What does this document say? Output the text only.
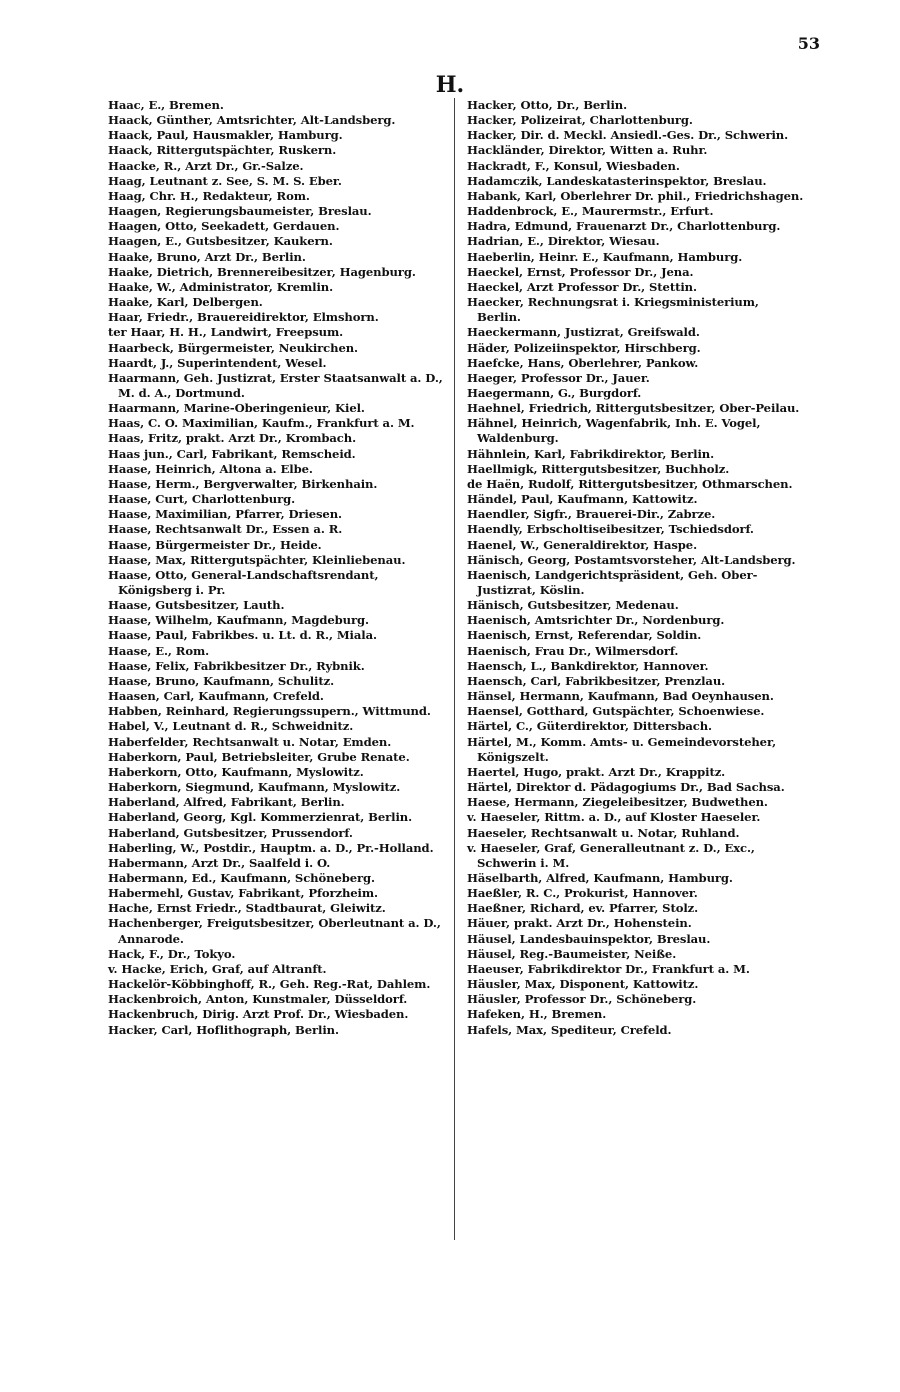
53
H.
Haac, E., Bremen.
Haack, Günther, Amtsrichter, Alt-Landsberg.
Haack, Paul, Hausmakler, Hamburg.
Haack, Rittergutspächter, Ruskern.
Haacke, R., Arzt Dr., Gr.-Salze.
Haag, Leutnant z. See, S. M. S. Eber.
Haag, Chr. H., Redakteur, Rom.
Haagen, Regierungsbaumeister, Breslau.
Haagen, Otto, Seekadett, Gerdauen.
Haagen, E., Gutsbesitzer, Kaukern.
Haake, Bruno, Arzt Dr., Berlin.
Haake, Dietrich, Brennereibesitzer, Hagenburg.
Haake, W., Administrator, Kremlin.
Haake, Karl, Delbergen.
Haar, Friedr., Brauereidirektor, Elmshorn.
ter Haar, H. H., Landwirt, Freepsum.
Haarbeck, Bürgermeister, Neukirchen.
Haardt, J., Superintendent, Wesel.
Haarmann, Geh. Justizrat, Erster Staatsanwalt a. D., M. d. A., Dortmund.
Haarmann, Marine-Oberingenieur, Kiel.
Haas, C. O. Maximilian, Kaufm., Frankfurt a. M.
Haas, Fritz, prakt. Arzt Dr., Krombach.
Haas jun., Carl, Fabrikant, Remscheid.
Haase, Heinrich, Altona a. Elbe.
Haase, Herm., Bergverwalter, Birkenhain.
Haase, Curt, Charlottenburg.
Haase, Maximilian, Pfarrer, Driesen.
Haase, Rechtsanwalt Dr., Essen a. R.
Haase, Bürgermeister Dr., Heide.
Haase, Max, Rittergutspächter, Kleinliebenau.
Haase, Otto, General-Landschaftsrendant, Königsberg i. Pr.
Haase, Gutsbesitzer, Lauth.
Haase, Wilhelm, Kaufmann, Magdeburg.
Haase, Paul, Fabrikbes. u. Lt. d. R., Miala.
Haase, E., Rom.
Haase, Felix, Fabrikbesitzer Dr., Rybnik.
Haase, Bruno, Kaufmann, Schulitz.
Haasen, Carl, Kaufmann, Crefeld.
Habben, Reinhard, Regierungssupern., Wittmund.
Habel, V., Leutnant d. R., Schweidnitz.
Haberfelder, Rechtsanwalt u. Notar, Emden.
Haberkorn, Paul, Betriebsleiter, Grube Renate.
Haberkorn, Otto, Kaufmann, Myslowitz.
Haberkorn, Siegmund, Kaufmann, Myslowitz.
Haberland, Alfred, Fabrikant, Berlin.
Haberland, Georg, Kgl. Kommerzienrat, Berlin.
Haberland, Gutsbesitzer, Prussendorf.
Haberling, W., Postdir., Hauptm. a. D., Pr.-Holland.
Habermann, Arzt Dr., Saalfeld i. O.
Habermann, Ed., Kaufmann, Schöneberg.
Habermehl, Gustav, Fabrikant, Pforzheim.
Hache, Ernst Friedr., Stadtbaurat, Gleiwitz.
Hachenberger, Freigutsbesitzer, Oberleutnant a. D., Annarode.
Hack, F., Dr., Tokyo.
v. Hacke, Erich, Graf, auf Altranft.
Hackelör-Köbbinghoff, R., Geh. Reg.-Rat, Dahlem.
Hackenbroich, Anton, Kunstmaler, Düsseldorf.
Hackenbruch, Dirig. Arzt Prof. Dr., Wiesbaden.
Hacker, Carl, Hoflithograph, Berlin.
Hacker, Otto, Dr., Berlin.
Hacker, Polizeirat, Charlottenburg.
Hacker, Dir. d. Meckl. Ansiedl.-Ges. Dr., Schwerin.
Hackländer, Direktor, Witten a. Ruhr.
Hackradt, F., Konsul, Wiesbaden.
Hadamczik, Landeskatasterinspektor, Breslau.
Habank, Karl, Oberlehrer Dr. phil., Friedrichshagen.
Haddenbrock, E., Maurermstr., Erfurt.
Hadra, Edmund, Frauenarzt Dr., Charlottenburg.
Hadrian, E., Direktor, Wiesau.
Haeberlin, Heinr. E., Kaufmann, Hamburg.
Haeckel, Ernst, Professor Dr., Jena.
Haeckel, Arzt Professor Dr., Stettin.
Haecker, Rechnungsrat i. Kriegsministerium, Berlin.
Haeckermann, Justizrat, Greifswald.
Häder, Polizeiinspektor, Hirschberg.
Haefcke, Hans, Oberlehrer, Pankow.
Haeger, Professor Dr., Jauer.
Haegermann, G., Burgdorf.
Haehnel, Friedrich, Rittergutsbesitzer, Ober-Peilau.
Hähnel, Heinrich, Wagenfabrik, Inh. E. Vogel, Waldenburg.
Hähnlein, Karl, Fabrikdirektor, Berlin.
Haellmigk, Rittergutsbesitzer, Buchholz.
de Haën, Rudolf, Rittergutsbesitzer, Othmarschen.
Händel, Paul, Kaufmann, Kattowitz.
Haendler, Sigfr., Brauerei-Dir., Zabrze.
Haendly, Erbscholtiseibesitzer, Tschiedsdorf.
Haenel, W., Generaldirektor, Haspe.
Hänisch, Georg, Postamtsvorsteher, Alt-Landsberg.
Haenisch, Landgerichtspräsident, Geh. Ober-Justizrat, Köslin.
Hänisch, Gutsbesitzer, Medenau.
Haenisch, Amtsrichter Dr., Nordenburg.
Haenisch, Ernst, Referendar, Soldin.
Haenisch, Frau Dr., Wilmersdorf.
Haensch, L., Bankdirektor, Hannover.
Haensch, Carl, Fabrikbesitzer, Prenzlau.
Hänsel, Hermann, Kaufmann, Bad Oeynhausen.
Haensel, Gotthard, Gutspächter, Schoenwiese.
Härtel, C., Güterdirektor, Dittersbach.
Härtel, M., Komm. Amts- u. Gemeindevorsteher, Königszelt.
Haertel, Hugo, prakt. Arzt Dr., Krappitz.
Härtel, Direktor d. Pädagogiums Dr., Bad Sachsa.
Haese, Hermann, Ziegeleibesitzer, Budwethen.
v. Haeseler, Rittm. a. D., auf Kloster Haeseler.
Haeseler, Rechtsanwalt u. Notar, Ruhland.
v. Haeseler, Graf, Generalleutnant z. D., Exc., Schwerin i. M.
Häselbarth, Alfred, Kaufmann, Hamburg.
Haeßler, R. C., Prokurist, Hannover.
Haeßner, Richard, ev. Pfarrer, Stolz.
Häuer, prakt. Arzt Dr., Hohenstein.
Häusel, Landesbauinspektor, Breslau.
Häusel, Reg.-Baumeister, Neiße.
Haeuser, Fabrikdirektor Dr., Frankfurt a. M.
Häusler, Max, Disponent, Kattowitz.
Häusler, Professor Dr., Schöneberg.
Hafeken, H., Bremen.
Hafels, Max, Spediteur, Crefeld.
